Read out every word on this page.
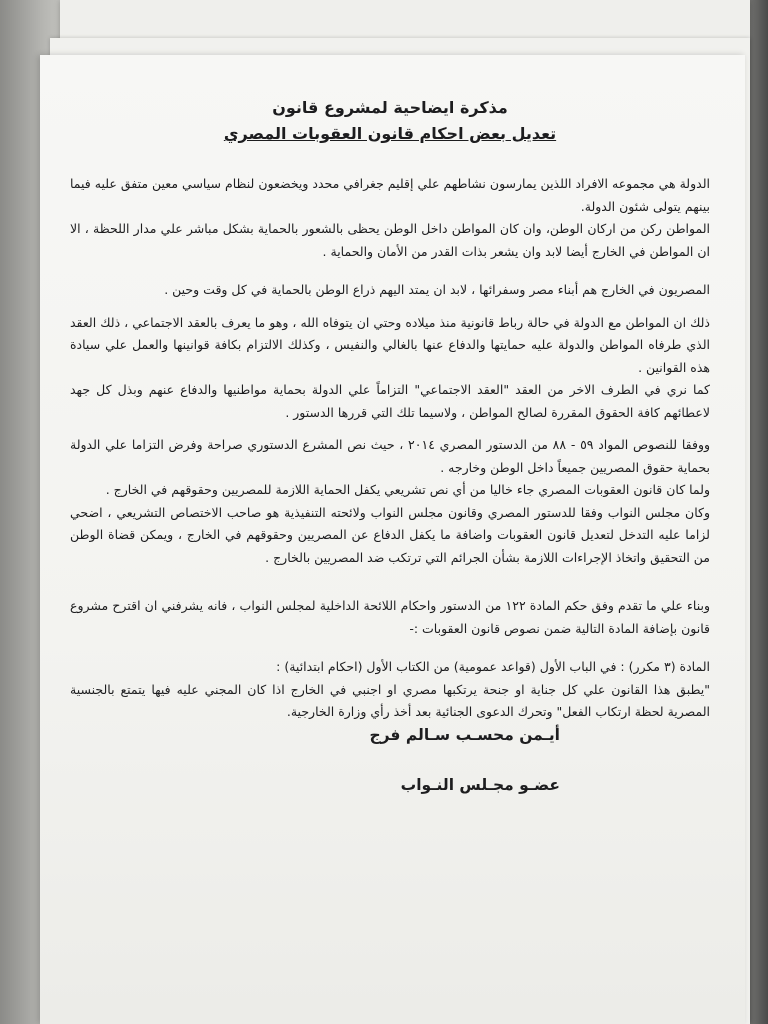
مذكرة ايضاحية لمشروع قانون
تعديل بعض احكام قانون العقوبات المصري

الدولة هي مجموعه الافراد اللذين يمارسون نشاطهم علي إقليم جغرافي محدد ويخضعون لنظام سياسي معين متفق عليه فيما بينهم يتولى شئون الدولة.

المواطن ركن من اركان الوطن، وان كان المواطن داخل الوطن يحظى بالشعور بالحماية بشكل مباشر علي مدار اللحظة ، الا ان المواطن في الخارج أيضا لابد وان يشعر بذات القدر من الأمان والحماية .

المصريون في الخارج هم أبناء مصر وسفرائها ، لابد ان يمتد اليهم ذراع الوطن بالحماية في كل وقت وحين .

ذلك ان المواطن مع الدولة في حالة رباط قانونية منذ ميلاده وحتي ان يتوفاه الله ، وهو ما يعرف بالعقد الاجتماعي ، ذلك العقد الذي طرفاه المواطن والدولة عليه حمايتها والدفاع عنها بالغالي والنفيس ، وكذلك الالتزام بكافة قوانينها والعمل علي سيادة هذه القوانين .

كما نري في الطرف الاخر من العقد "العقد الاجتماعي" التزاماً علي الدولة بحماية مواطنيها والدفاع عنهم وبذل كل جهد لاعطائهم كافة الحقوق المقررة لصالح المواطن ، ولاسيما تلك التي قررها الدستور .

ووفقا للنصوص المواد ٥٩ - ٨٨ من الدستور المصري ٢٠١٤ ، حيث نص المشرع الدستوري صراحة وفرض التزاما علي الدولة بحماية حقوق المصريين جميعاً داخل الوطن وخارجه .

ولما كان قانون العقوبات المصري جاء خاليا من أي نص تشريعي يكفل الحماية اللازمة للمصريين وحقوقهم في الخارج .

وكان مجلس النواب وفقا للدستور المصري وقانون مجلس النواب ولائحته التنفيذية هو صاحب الاختصاص التشريعي ، اضحي لزاما عليه التدخل لتعديل قانون العقوبات واضافة ما يكفل الدفاع عن المصريين وحقوقهم في الخارج ، ويمكن قضاة الوطن من التحقيق واتخاذ الإجراءات اللازمة بشأن الجرائم التي ترتكب ضد المصريين بالخارج .

وبناء علي ما تقدم وفق حكم المادة ١٢٢ من الدستور واحكام اللائحة الداخلية لمجلس النواب ، فانه يشرفني ان اقترح مشروع قانون بإضافة المادة التالية ضمن نصوص قانون العقوبات :-

المادة (٣ مكرر) : في الباب الأول (قواعد عمومية) من الكتاب الأول (احكام ابتدائية) :

"يطبق هذا القانون علي كل جناية او جنحة يرتكبها مصري او اجنبي في الخارج اذا كان المجني عليه فيها يتمتع بالجنسية المصرية لحظة ارتكاب الفعل" وتحرك الدعوى الجنائية بعد أخذ رأي وزارة الخارجية.

أيـمن محسـب سـالم فرج

عضـو مجـلس النـواب
